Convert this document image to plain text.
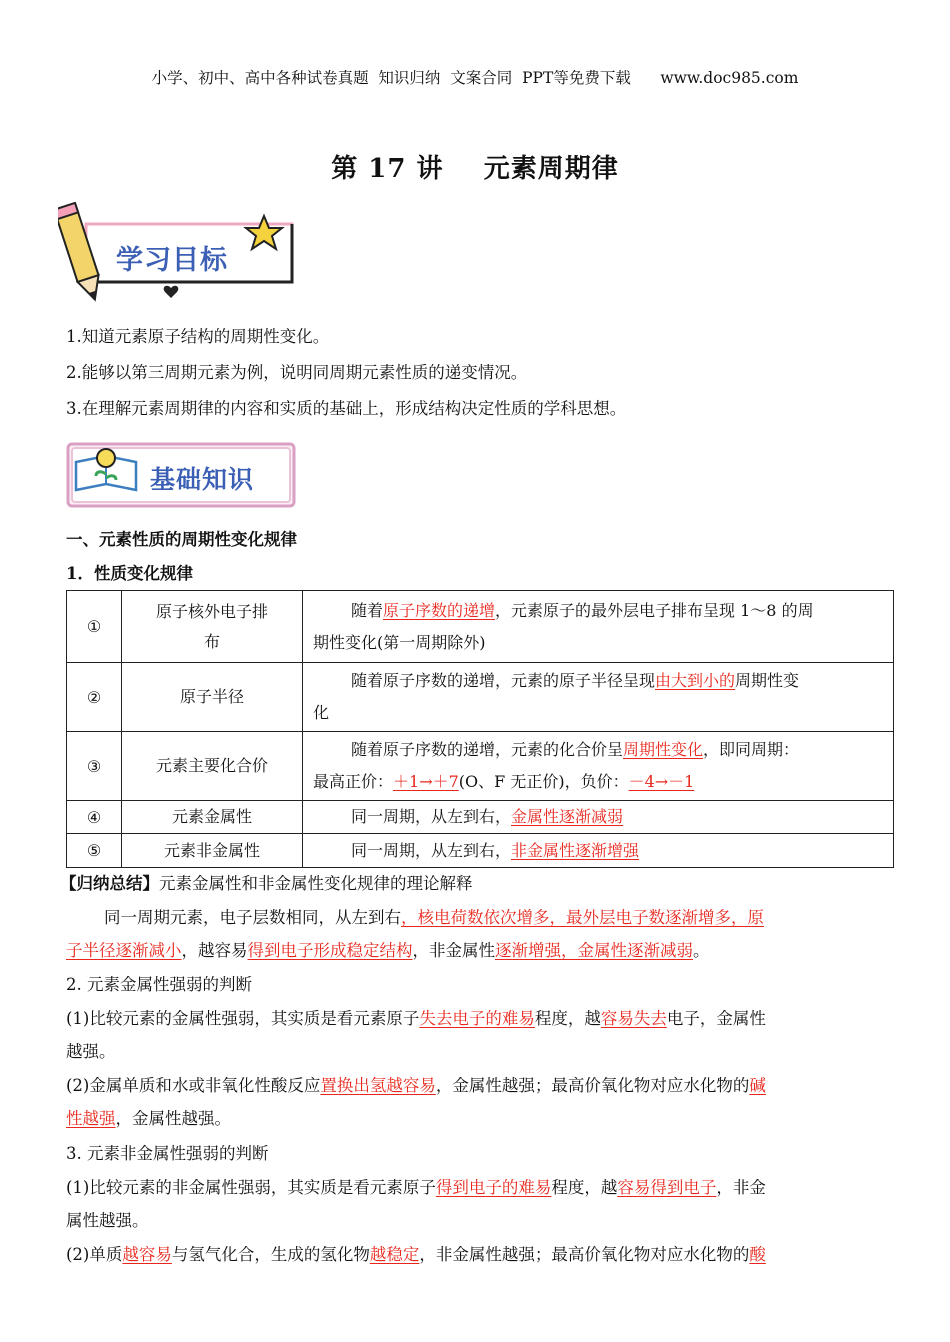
小学、初中、高中各种试卷真题  知识归纳  文案合同  PPT等免费下载      www.doc985.com
第 17 讲    元素周期律
学习目标
1.知道元素原子结构的周期性变化。
2.能够以第三周期元素为例，说明同周期元素性质的递变情况。
3.在理解元素周期律的内容和实质的基础上，形成结构决定性质的学科思想。
基础知识
一、元素性质的周期性变化规律
1．性质变化规律
①	原子核外电子排
布	随着原子序数的递增，元素原子的最外层电子排布呈现 1～8 的周
期性变化(第一周期除外)
②	原子半径	随着原子序数的递增，元素的原子半径呈现由大到小的周期性变
化
③	元素主要化合价	随着原子序数的递增，元素的化合价呈周期性变化，即同周期：
最高正价：＋1→＋7(O、F 无正价)，负价：－4→－1
④	元素金属性	同一周期，从左到右，金属性逐渐减弱
⑤	元素非金属性	同一周期，从左到右，非金属性逐渐增强
【归纳总结】元素金属性和非金属性变化规律的理论解释
同一周期元素，电子层数相同，从左到右，核电荷数依次增多，最外层电子数逐渐增多，原
子半径逐渐减小，越容易得到电子形成稳定结构，非金属性逐渐增强，金属性逐渐减弱。
2. 元素金属性强弱的判断
(1)比较元素的金属性强弱，其实质是看元素原子失去电子的难易程度，越容易失去电子，金属性
越强。
(2)金属单质和水或非氧化性酸反应置换出氢越容易，金属性越强；最高价氧化物对应水化物的碱
性越强，金属性越强。
3. 元素非金属性强弱的判断
(1)比较元素的非金属性强弱，其实质是看元素原子得到电子的难易程度，越容易得到电子，非金
属性越强。
(2)单质越容易与氢气化合，生成的氢化物越稳定，非金属性越强；最高价氧化物对应水化物的酸
